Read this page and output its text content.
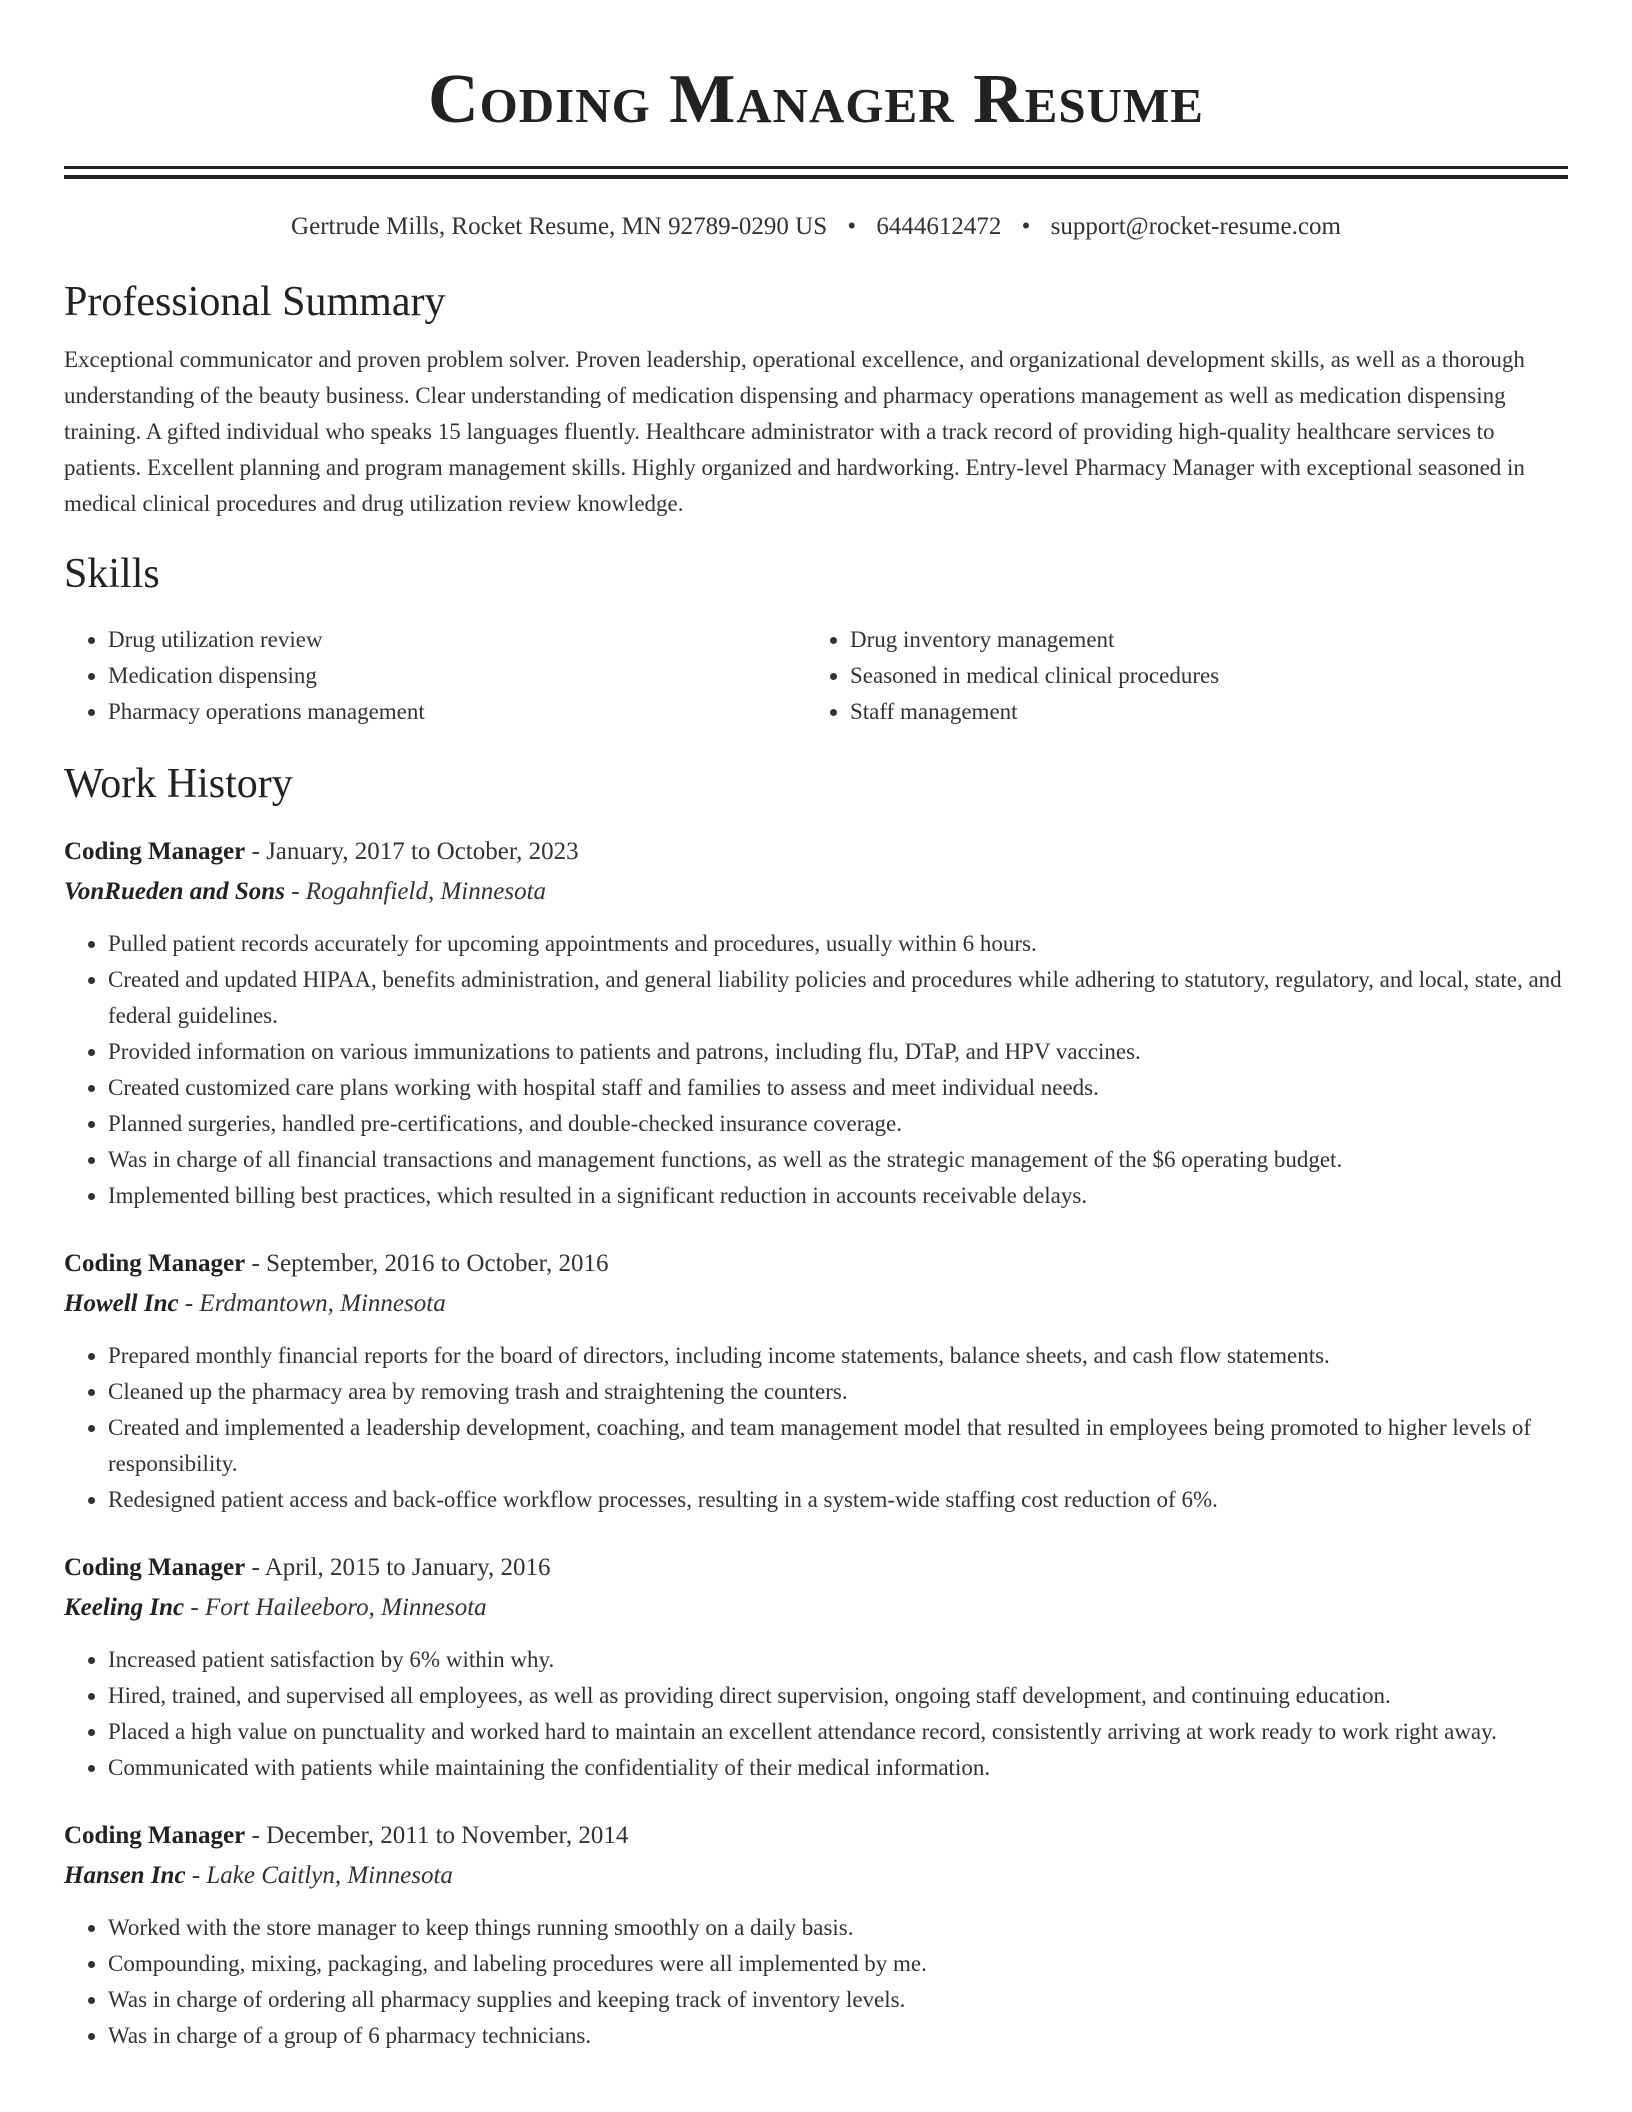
Coding Manager Resume
Gertrude Mills, Rocket Resume, MN 92789-0290 US • 6444612472 • support@rocket-resume.com
Professional Summary

Exceptional communicator and proven problem solver. Proven leadership, operational excellence, and organizational development skills, as well as a thorough understanding of the beauty business. Clear understanding of medication dispensing and pharmacy operations management as well as medication dispensing training. A gifted individual who speaks 15 languages fluently. Healthcare administrator with a track record of providing high-quality healthcare services to patients. Excellent planning and program management skills. Highly organized and hardworking. Entry-level Pharmacy Manager with exceptional seasoned in medical clinical procedures and drug utilization review knowledge.

Skills
• Drug utilization review
• Medication dispensing
• Pharmacy operations management
• Drug inventory management
• Seasoned in medical clinical procedures
• Staff management
Work History
Coding Manager - January, 2017 to October, 2023
VonRueden and Sons - Rogahnfield, Minnesota
• Pulled patient records accurately for upcoming appointments and procedures, usually within 6 hours.
• Created and updated HIPAA, benefits administration, and general liability policies and procedures while adhering to statutory, regulatory, and local, state, and federal guidelines.
• Provided information on various immunizations to patients and patrons, including flu, DTaP, and HPV vaccines.
• Created customized care plans working with hospital staff and families to assess and meet individual needs.
• Planned surgeries, handled pre-certifications, and double-checked insurance coverage.
• Was in charge of all financial transactions and management functions, as well as the strategic management of the $6 operating budget.
• Implemented billing best practices, which resulted in a significant reduction in accounts receivable delays.
Coding Manager - September, 2016 to October, 2016
Howell Inc - Erdmantown, Minnesota
• Prepared monthly financial reports for the board of directors, including income statements, balance sheets, and cash flow statements.
• Cleaned up the pharmacy area by removing trash and straightening the counters.
• Created and implemented a leadership development, coaching, and team management model that resulted in employees being promoted to higher levels of responsibility.
• Redesigned patient access and back-office workflow processes, resulting in a system-wide staffing cost reduction of 6%.
Coding Manager - April, 2015 to January, 2016
Keeling Inc - Fort Haileeboro, Minnesota
• Increased patient satisfaction by 6% within why.
• Hired, trained, and supervised all employees, as well as providing direct supervision, ongoing staff development, and continuing education.
• Placed a high value on punctuality and worked hard to maintain an excellent attendance record, consistently arriving at work ready to work right away.
• Communicated with patients while maintaining the confidentiality of their medical information.
Coding Manager - December, 2011 to November, 2014
Hansen Inc - Lake Caitlyn, Minnesota
• Worked with the store manager to keep things running smoothly on a daily basis.
• Compounding, mixing, packaging, and labeling procedures were all implemented by me.
• Was in charge of ordering all pharmacy supplies and keeping track of inventory levels.
• Was in charge of a group of 6 pharmacy technicians.
